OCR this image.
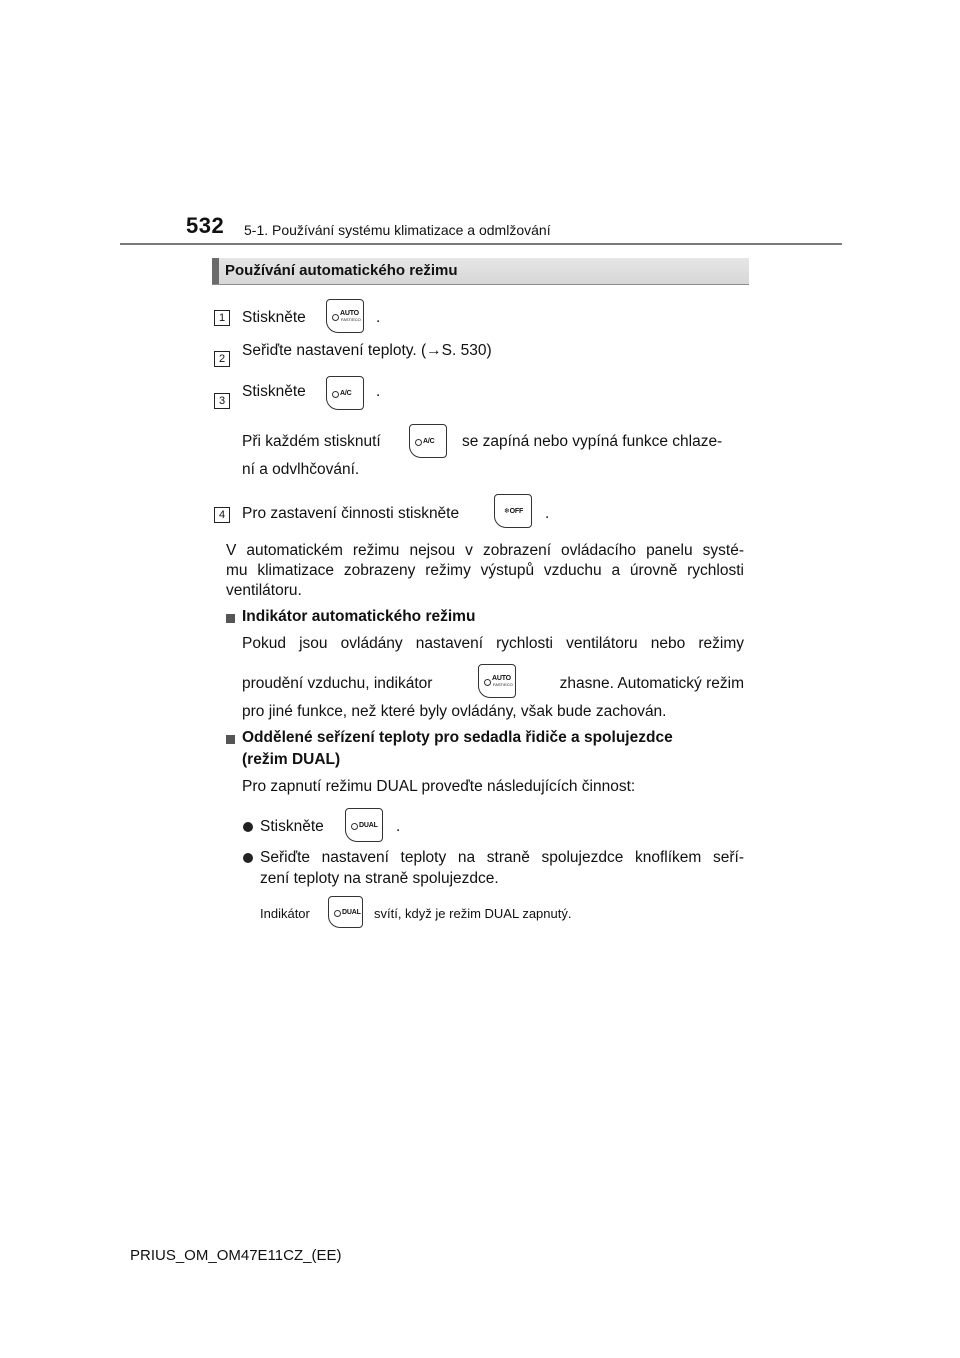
532 5-1. Používání systému klimatizace a odmlžování
Používání automatického režimu
1	Stiskněte	AUTO
FAST/ECO .
2	Seřiďte nastavení teploty. (→S. 530)
3
Stiskněte	A/C .
Při každém stisknutí	A/C se zapíná nebo vypíná funkce chlaze-
ní a odvlhčování.
4	Pro zastavení činnosti stiskněte	❄OFF .
V automatickém režimu nejsou v zobrazení ovládacího panelu systé-
mu klimatizace zobrazeny režimy výstupů vzduchu a úrovně rychlosti
ventilátoru.
Indikátor automatického režimu
Pokud jsou ovládány nastavení rychlosti ventilátoru nebo režimy
proudění vzduchu, indikátor	AUTO
FAST/ECO	zhasne. Automatický režim
pro jiné funkce, než které byly ovládány, však bude zachován.
Oddělené seřízení teploty pro sedadla řidiče a spolujezdce
(režim DUAL)
Pro zapnutí režimu DUAL proveďte následujících činnost:
Stiskněte	DUAL .
Seřiďte nastavení teploty na straně spolujezdce knoflíkem seří-
zení teploty na straně spolujezdce.
Indikátor	DUAL svítí, když je režim DUAL zapnutý.
PRIUS_OM_OM47E11CZ_(EE)
